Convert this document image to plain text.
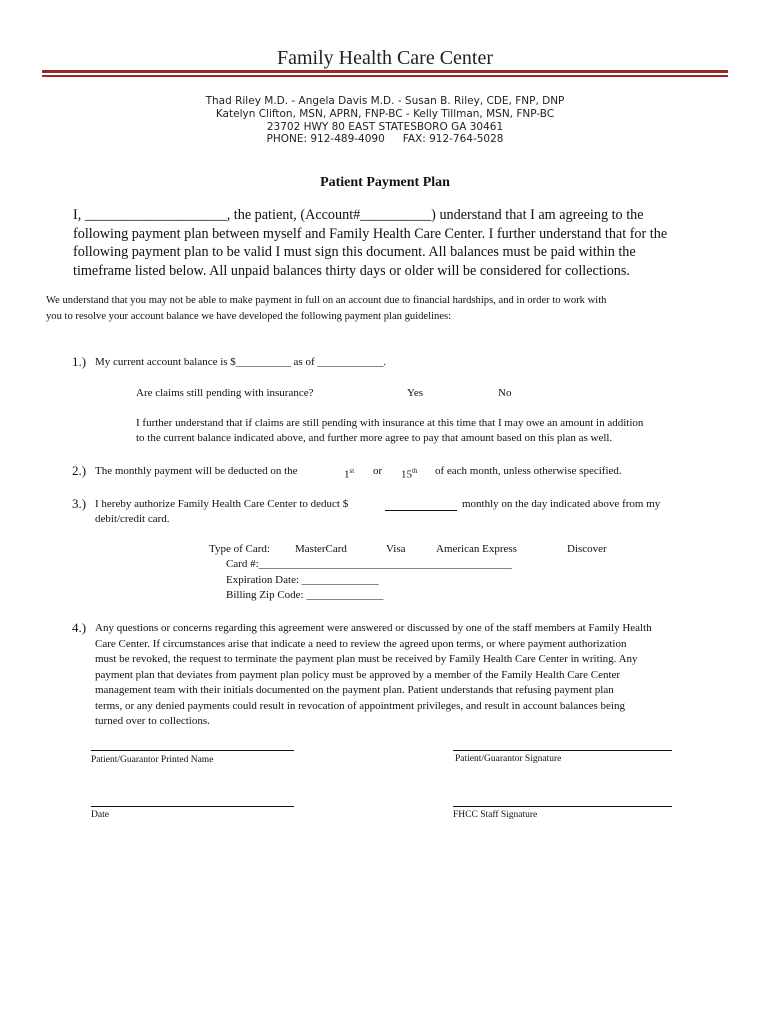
Family Health Care Center
Thad Riley M.D. - Angela Davis M.D. - Susan B. Riley, CDE, FNP, DNP
Katelyn Clifton, MSN, APRN, FNP-BC - Kelly Tillman, MSN, FNP-BC
23702 HWY 80 EAST STATESBORO GA 30461
PHONE: 912-489-4090 FAX: 912-764-5028
Patient Payment Plan
I, ____________________, the patient, (Account#__________) understand that I am agreeing to the
following payment plan between myself and Family Health Care Center. I further understand that for the
following payment plan to be valid I must sign this document. All balances must be paid within the
timeframe listed below. All unpaid balances thirty days or older will be considered for collections.
We understand that you may not be able to make payment in full on an account due to financial hardships, and in order to work with
you to resolve your account balance we have developed the following payment plan guidelines:
1.) My current account balance is $__________ as of ____________.
Are claims still pending with insurance?	Yes	No
I further understand that if claims are still pending with insurance at this time that I may owe an amount in addition
to the current balance indicated above, and further more agree to pay that amount based on this plan as well.
2.) The monthly payment will be deducted on the	1st or 15th of each month, unless otherwise specified.
3.) I hereby authorize Family Health Care Center to deduct $	monthly on the day indicated above from my
debit/credit card.
Type of Card: MasterCard	Visa	American Express	Discover
Card #:______________________________________________
Expiration Date: ______________
Billing Zip Code: ______________
4.) Any questions or concerns regarding this agreement were answered or discussed by one of the staff members at Family Health
Care Center. If circumstances arise that indicate a need to review the agreed upon terms, or where payment authorization
must be revoked, the request to terminate the payment plan must be received by Family Health Care Center in writing. Any
payment plan that deviates from payment plan policy must be approved by a member of the Family Health Care Center
management team with their initials documented on the payment plan. Patient understands that refusing payment plan
terms, or any denied payments could result in revocation of appointment privileges, and result in account balances being
turned over to collections.
Patient/Guarantor Printed Name	Patient/Guarantor Signature
Date	FHCC Staff Signature
